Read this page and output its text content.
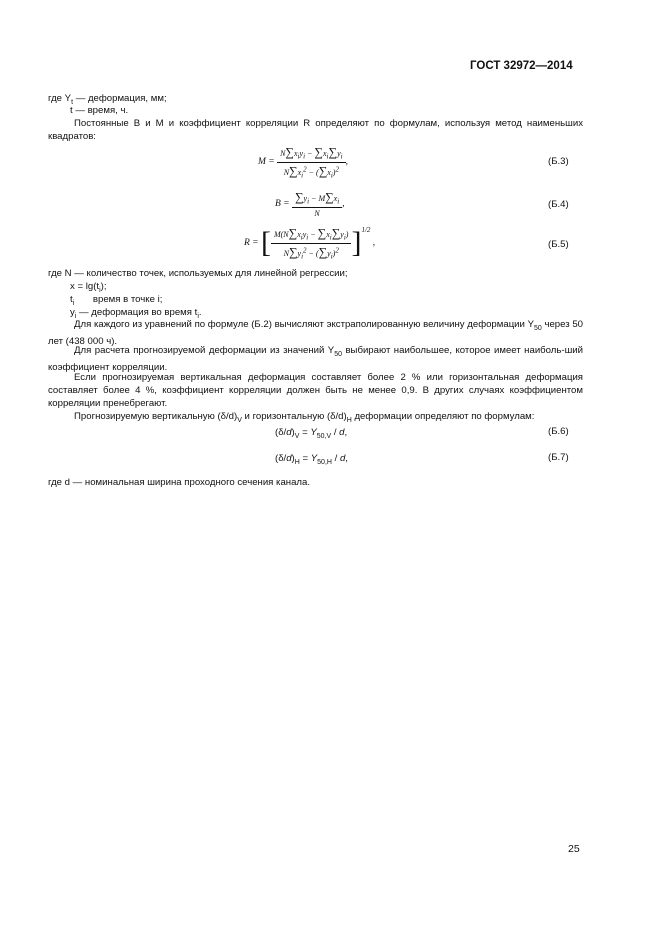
ГОСТ 32972—2014
где $Y_t$ — деформация, мм;
t — время, ч.
Постоянные B и M и коэффициент корреляции R определяют по формулам, используя метод наименьших квадратов:
$M = \frac{N\sum x_iy_i - \sum x_i\sum y_i}{N\sum x_i^2 - (\sum x_i)^2}$ ,	(Б.3)
$B = \frac{\sum y_i - M\sum x_i}{N}$ ,	(Б.4)
R = [ $\frac{M(N\sum x_iy_i - \sum x_i\sum y_i)}{N\sum y_i^2 - (\sum y_i)^2} ]^{1/2}$ ,	(Б.5)
где N — количество точек, используемых для линейной регрессии;
$x = \lg(t_i)$;
$t_i$ время в точке i;
$y_i$ — деформация во время $t_i$.
Для каждого из уравнений по формуле (Б.2) вычисляют экстраполированную величину деформации $Y_{50}$ через 50 лет (438 000 ч).
Для расчета прогнозируемой деформации из значений $Y_{50}$ выбирают наибольшее, которое имеет наиболь-ший коэффициент корреляции.
Если прогнозируемая вертикальная деформация составляет более 2 % или горизонтальная деформация составляет более 4 %, коэффициент корреляции должен быть не менее 0,9. В других случаях коэффициентом корреляции пренебрегают.
Прогнозируемую вертикальную $(\delta/d)_V$ и горизонтальную $(\delta/d)_H$ деформации определяют по формулам:
$(\delta/d)_V = Y_{50,V} / d$,	(Б.6)
$(\delta/d)_H = Y_{50,H} / d$,	(Б.7)
где d — номинальная ширина проходного сечения канала.
25
